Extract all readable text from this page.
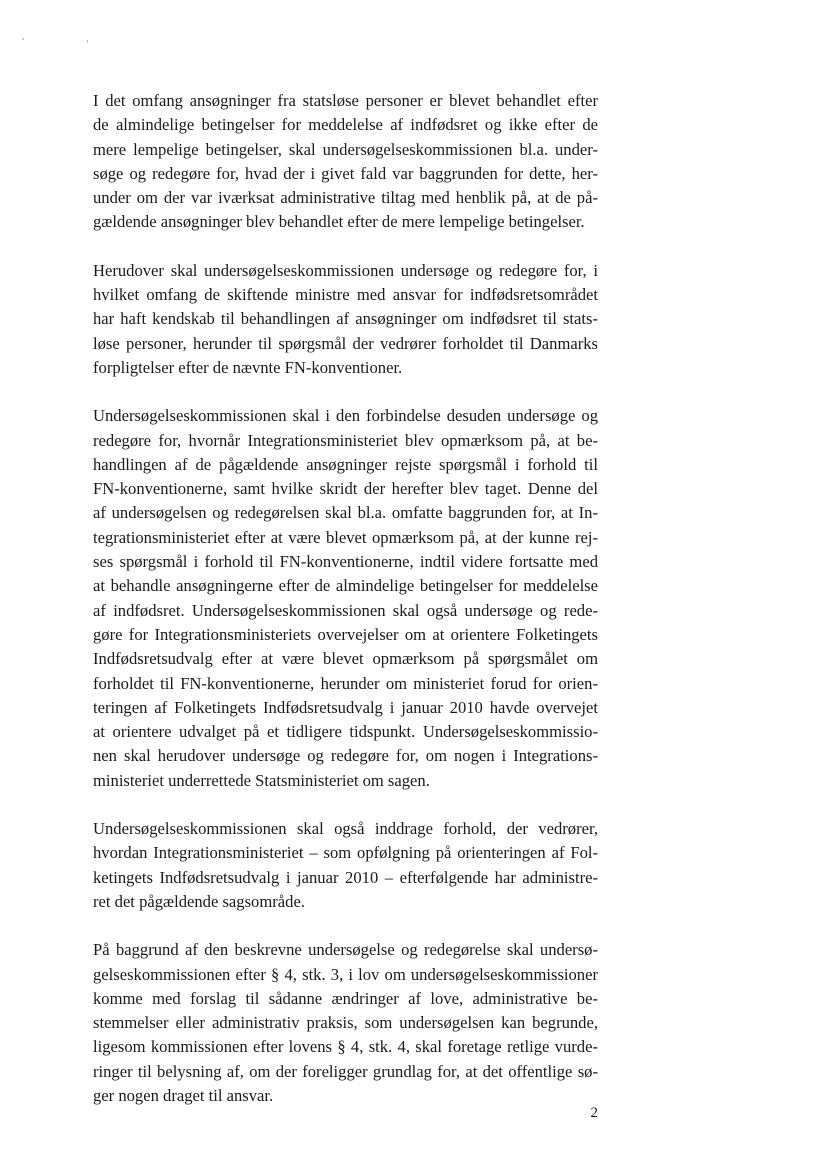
I det omfang ansøgninger fra statsløse personer er blevet behandlet efter
de almindelige betingelser for meddelelse af indfødsret og ikke efter de
mere lempelige betingelser, skal undersøgelseskommissionen bl.a. under-
søge og redegøre for, hvad der i givet fald var baggrunden for dette, her-
under om der var iværksat administrative tiltag med henblik på, at de på-
gældende ansøgninger blev behandlet efter de mere lempelige betingelser.

Herudover skal undersøgelseskommissionen undersøge og redegøre for, i
hvilket omfang de skiftende ministre med ansvar for indfødsretsområdet
har haft kendskab til behandlingen af ansøgninger om indfødsret til stats-
løse personer, herunder til spørgsmål der vedrører forholdet til Danmarks
forpligtelser efter de nævnte FN-konventioner.

Undersøgelseskommissionen skal i den forbindelse desuden undersøge og
redegøre for, hvornår Integrationsministeriet blev opmærksom på, at be-
handlingen af de pågældende ansøgninger rejste spørgsmål i forhold til
FN-konventionerne, samt hvilke skridt der herefter blev taget. Denne del
af undersøgelsen og redegørelsen skal bl.a. omfatte baggrunden for, at In-
tegrationsministeriet efter at være blevet opmærksom på, at der kunne rej-
ses spørgsmål i forhold til FN-konventionerne, indtil videre fortsatte med
at behandle ansøgningerne efter de almindelige betingelser for meddelelse
af indfødsret. Undersøgelseskommissionen skal også undersøge og rede-
gøre for Integrationsministeriets overvejelser om at orientere Folketingets
Indfødsretsudvalg efter at være blevet opmærksom på spørgsmålet om
forholdet til FN-konventionerne, herunder om ministeriet forud for orien-
teringen af Folketingets Indfødsretsudvalg i januar 2010 havde overvejet
at orientere udvalget på et tidligere tidspunkt. Undersøgelseskommissio-
nen skal herudover undersøge og redegøre for, om nogen i Integrations-
ministeriet underrettede Statsministeriet om sagen.

Undersøgelseskommissionen skal også inddrage forhold, der vedrører,
hvordan Integrationsministeriet – som opfølgning på orienteringen af Fol-
ketingets Indfødsretsudvalg i januar 2010 – efterfølgende har administre-
ret det pågældende sagsområde.

På baggrund af den beskrevne undersøgelse og redegørelse skal undersø-
gelseskommissionen efter § 4, stk. 3, i lov om undersøgelseskommissioner
komme med forslag til sådanne ændringer af love, administrative be-
stemmelser eller administrativ praksis, som undersøgelsen kan begrunde,
ligesom kommissionen efter lovens § 4, stk. 4, skal foretage retlige vurde-
ringer til belysning af, om der foreligger grundlag for, at det offentlige sø-
ger nogen draget til ansvar.

2
